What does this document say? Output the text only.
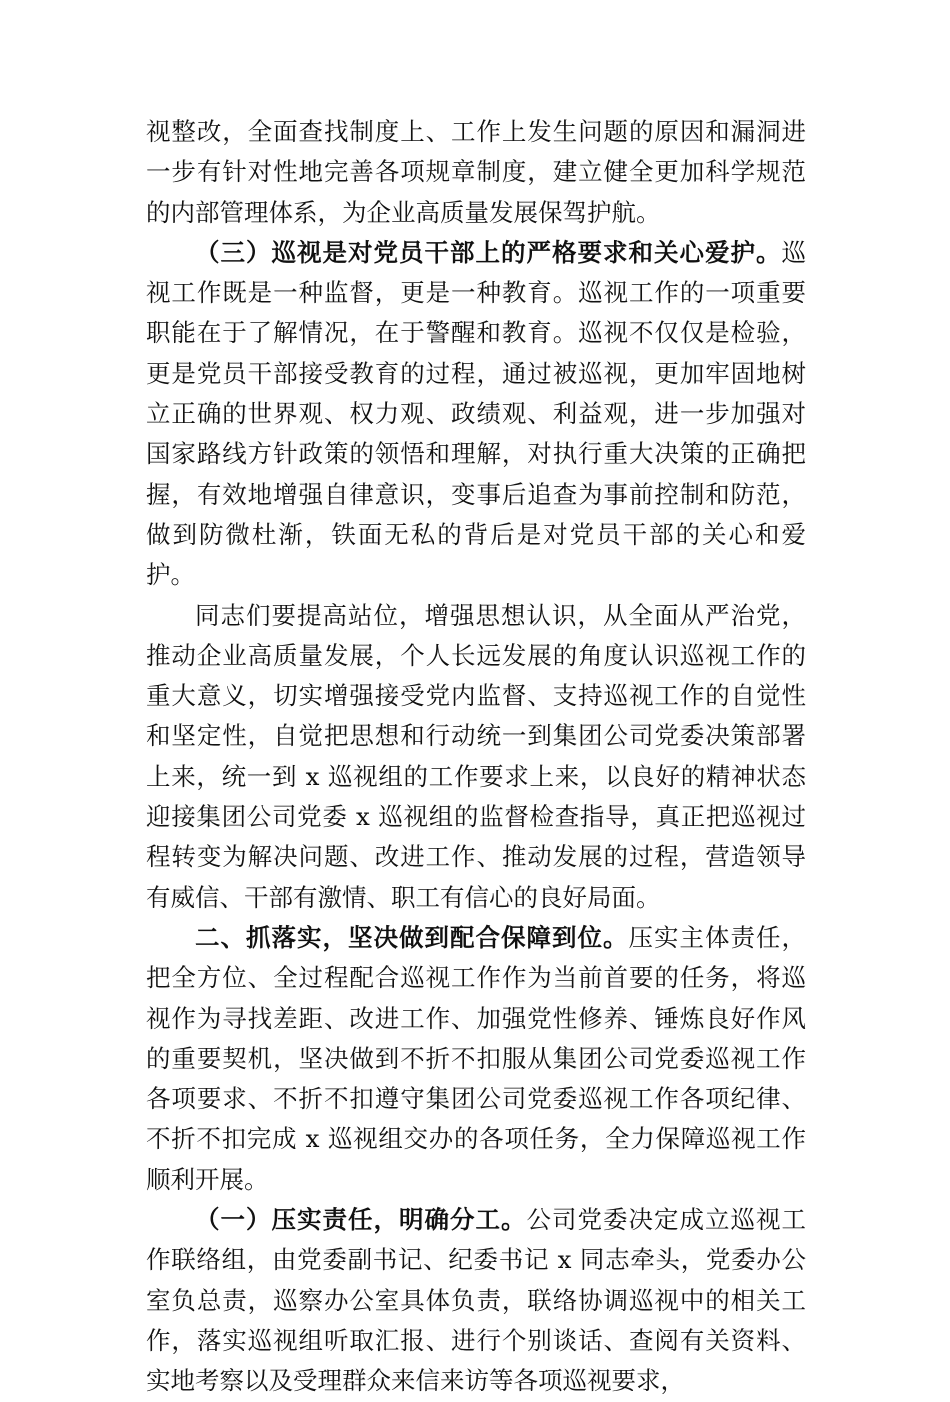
视整改，全面查找制度上、工作上发生问题的原因和漏洞进一步有针对性地完善各项规章制度，建立健全更加科学规范的内部管理体系，为企业高质量发展保驾护航。

（三）巡视是对党员干部上的严格要求和关心爱护。巡视工作既是一种监督，更是一种教育。巡视工作的一项重要职能在于了解情况，在于警醒和教育。巡视不仅仅是检验，更是党员干部接受教育的过程，通过被巡视，更加牢固地树立正确的世界观、权力观、政绩观、利益观，进一步加强对国家路线方针政策的领悟和理解，对执行重大决策的正确把握，有效地增强自律意识，变事后追查为事前控制和防范，做到防微杜渐，铁面无私的背后是对党员干部的关心和爱护。

同志们要提高站位，增强思想认识，从全面从严治党，推动企业高质量发展，个人长远发展的角度认识巡视工作的重大意义，切实增强接受党内监督、支持巡视工作的自觉性和坚定性，自觉把思想和行动统一到集团公司党委决策部署上来，统一到 x 巡视组的工作要求上来，以良好的精神状态迎接集团公司党委 x 巡视组的监督检查指导，真正把巡视过程转变为解决问题、改进工作、推动发展的过程，营造领导有威信、干部有激情、职工有信心的良好局面。

二、抓落实，坚决做到配合保障到位。压实主体责任，把全方位、全过程配合巡视工作作为当前首要的任务，将巡视作为寻找差距、改进工作、加强党性修养、锤炼良好作风的重要契机，坚决做到不折不扣服从集团公司党委巡视工作各项要求、不折不扣遵守集团公司党委巡视工作各项纪律、不折不扣完成 x 巡视组交办的各项任务，全力保障巡视工作顺利开展。

（一）压实责任，明确分工。公司党委决定成立巡视工作联络组，由党委副书记、纪委书记 x 同志牵头，党委办公室负总责，巡察办公室具体负责，联络协调巡视中的相关工作，落实巡视组听取汇报、进行个别谈话、查阅有关资料、实地考察以及受理群众来信来访等各项巡视要求，
